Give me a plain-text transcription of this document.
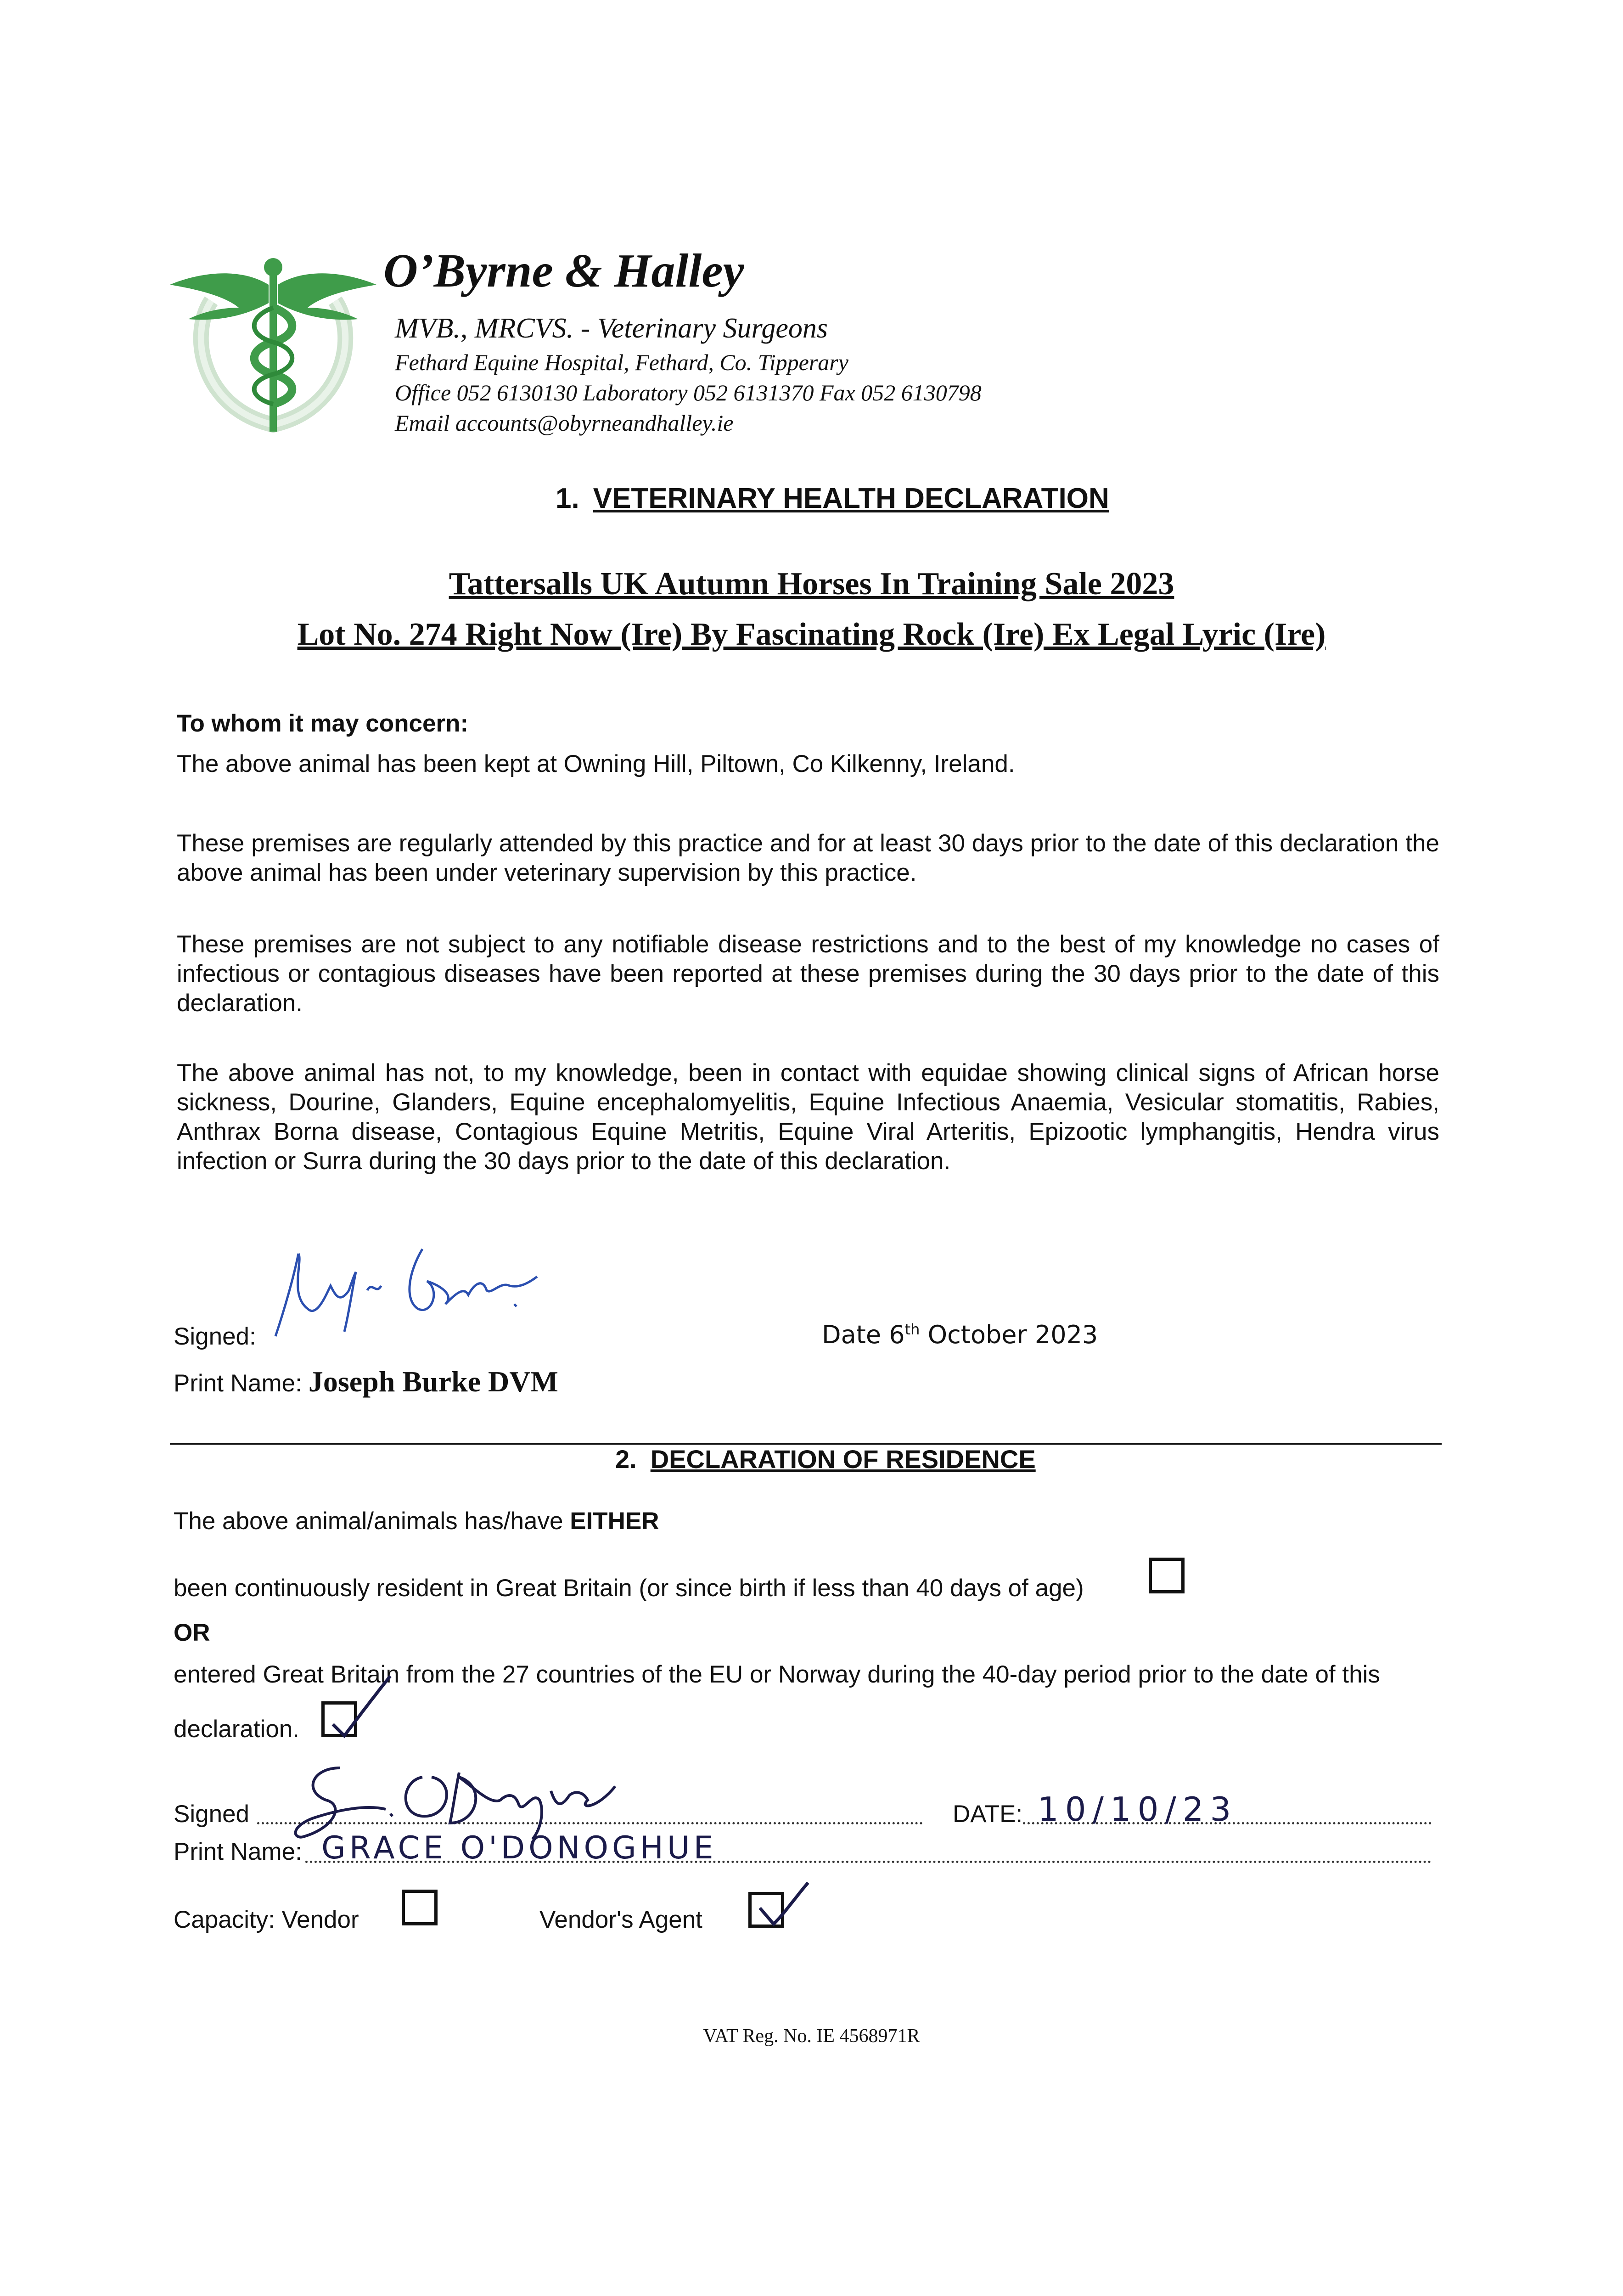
O’Byrne & Halley
MVB., MRCVS. - Veterinary Surgeons
Fethard Equine Hospital, Fethard, Co. Tipperary
Office 052 6130130 Laboratory 052 6131370 Fax 052 6130798
Email accounts@obyrneandhalley.ie
1. VETERINARY HEALTH DECLARATION
Tattersalls UK Autumn Horses In Training Sale 2023
Lot No. 274 Right Now (Ire) By Fascinating Rock (Ire) Ex Legal Lyric (Ire)
To whom it may concern:
The above animal has been kept at Owning Hill, Piltown, Co Kilkenny, Ireland.
These premises are regularly attended by this practice and for at least 30 days prior to the date of this declaration the above animal has been under veterinary supervision by this practice.
These premises are not subject to any notifiable disease restrictions and to the best of my knowledge no cases of infectious or contagious diseases have been reported at these premises during the 30 days prior to the date of this declaration.
The above animal has not, to my knowledge, been in contact with equidae showing clinical signs of African horse sickness, Dourine, Glanders, Equine encephalomyelitis, Equine Infectious Anaemia, Vesicular stomatitis, Rabies, Anthrax Borna disease, Contagious Equine Metritis, Equine Viral Arteritis, Epizootic lymphangitis, Hendra virus infection or Surra during the 30 days prior to the date of this declaration.
Signed:	Date 6th October 2023
Print Name: Joseph Burke DVM
2. DECLARATION OF RESIDENCE
The above animal/animals has/have EITHER
been continuously resident in Great Britain (or since birth if less than 40 days of age)
OR
entered Great Britain from the 27 countries of the EU or Norway during the 40-day period prior to the date of this
declaration.
Signed	DATE: 10/10/23
Print Name: GRACE O'DONOGHUE
Capacity: Vendor	Vendor's Agent
VAT Reg. No. IE 4568971R
